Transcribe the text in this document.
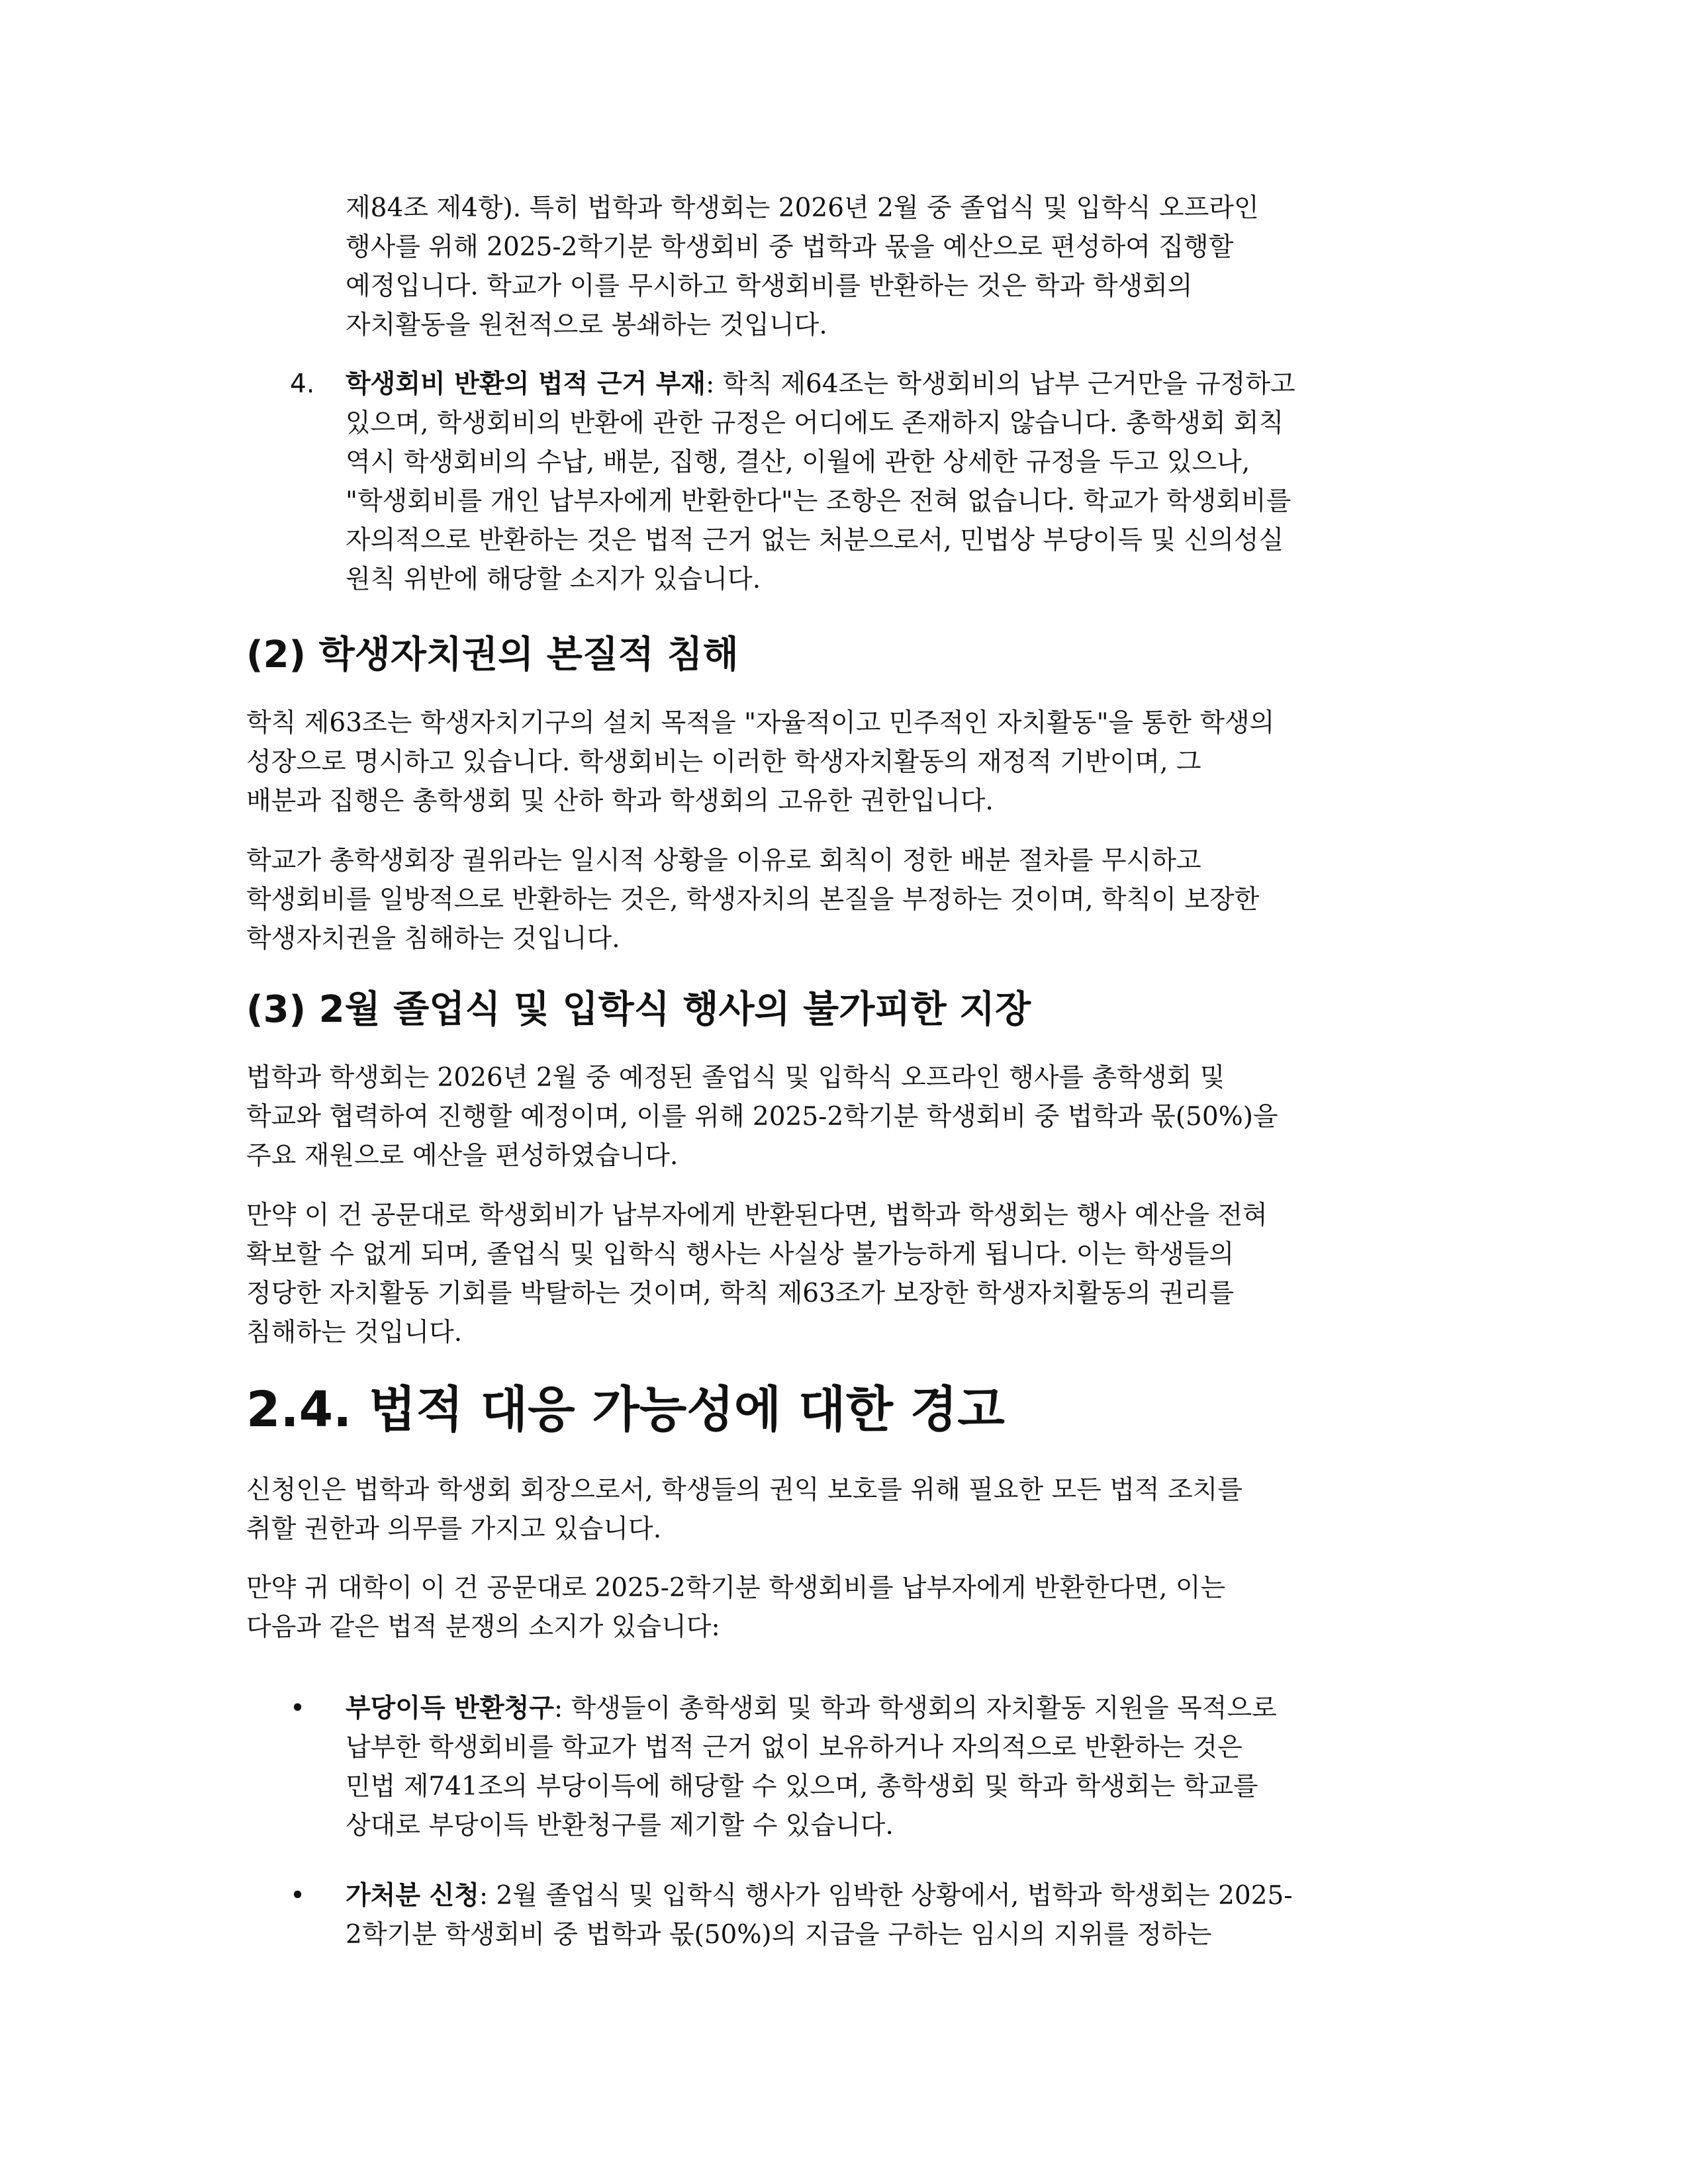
제84조 제4항). 특히 법학과 학생회는 2026년 2월 중 졸업식 및 입학식 오프라인
행사를 위해 2025-2학기분 학생회비 중 법학과 몫을 예산으로 편성하여 집행할
예정입니다. 학교가 이를 무시하고 학생회비를 반환하는 것은 학과 학생회의
자치활동을 원천적으로 봉쇄하는 것입니다.

4. 학생회비 반환의 법적 근거 부재: 학칙 제64조는 학생회비의 납부 근거만을 규정하고
있으며, 학생회비의 반환에 관한 규정은 어디에도 존재하지 않습니다. 총학생회 회칙
역시 학생회비의 수납, 배분, 집행, 결산, 이월에 관한 상세한 규정을 두고 있으나,
"학생회비를 개인 납부자에게 반환한다"는 조항은 전혀 없습니다. 학교가 학생회비를
자의적으로 반환하는 것은 법적 근거 없는 처분으로서, 민법상 부당이득 및 신의성실
원칙 위반에 해당할 소지가 있습니다.
(2) 학생자치권의 본질적 침해

학칙 제63조는 학생자치기구의 설치 목적을 "자율적이고 민주적인 자치활동"을 통한 학생의
성장으로 명시하고 있습니다. 학생회비는 이러한 학생자치활동의 재정적 기반이며, 그
배분과 집행은 총학생회 및 산하 학과 학생회의 고유한 권한입니다.

학교가 총학생회장 궐위라는 일시적 상황을 이유로 회칙이 정한 배분 절차를 무시하고
학생회비를 일방적으로 반환하는 것은, 학생자치의 본질을 부정하는 것이며, 학칙이 보장한
학생자치권을 침해하는 것입니다.

(3) 2월 졸업식 및 입학식 행사의 불가피한 지장

법학과 학생회는 2026년 2월 중 예정된 졸업식 및 입학식 오프라인 행사를 총학생회 및
학교와 협력하여 진행할 예정이며, 이를 위해 2025-2학기분 학생회비 중 법학과 몫(50%)을
주요 재원으로 예산을 편성하였습니다.

만약 이 건 공문대로 학생회비가 납부자에게 반환된다면, 법학과 학생회는 행사 예산을 전혀
확보할 수 없게 되며, 졸업식 및 입학식 행사는 사실상 불가능하게 됩니다. 이는 학생들의
정당한 자치활동 기회를 박탈하는 것이며, 학칙 제63조가 보장한 학생자치활동의 권리를
침해하는 것입니다.

2.4. 법적 대응 가능성에 대한 경고

신청인은 법학과 학생회 회장으로서, 학생들의 권익 보호를 위해 필요한 모든 법적 조치를
취할 권한과 의무를 가지고 있습니다.

만약 귀 대학이 이 건 공문대로 2025-2학기분 학생회비를 납부자에게 반환한다면, 이는
다음과 같은 법적 분쟁의 소지가 있습니다:

• 부당이득 반환청구: 학생들이 총학생회 및 학과 학생회의 자치활동 지원을 목적으로
납부한 학생회비를 학교가 법적 근거 없이 보유하거나 자의적으로 반환하는 것은
민법 제741조의 부당이득에 해당할 수 있으며, 총학생회 및 학과 학생회는 학교를
상대로 부당이득 반환청구를 제기할 수 있습니다.
• 가처분 신청: 2월 졸업식 및 입학식 행사가 임박한 상황에서, 법학과 학생회는 2025-
2학기분 학생회비 중 법학과 몫(50%)의 지급을 구하는 임시의 지위를 정하는
